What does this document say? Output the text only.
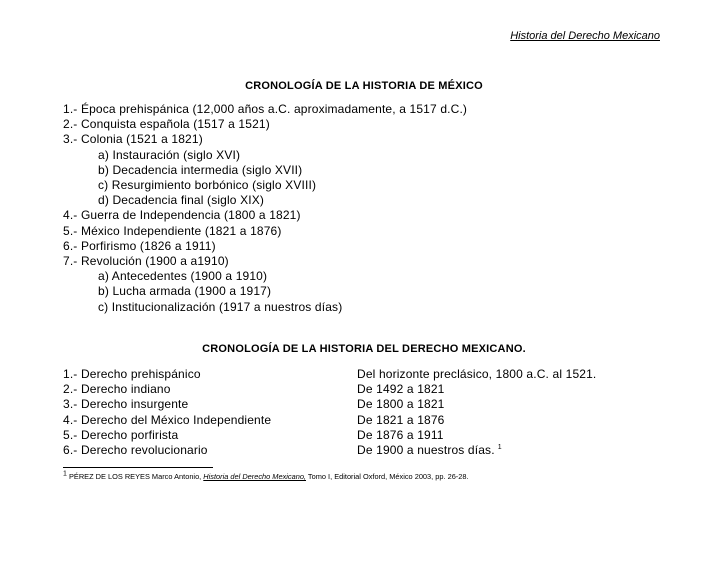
Historia del Derecho Mexicano
CRONOLOGÍA DE LA HISTORIA DE MÉXICO
1.- Época prehispánica (12,000 años a.C. aproximadamente, a 1517 d.C.)
2.- Conquista española (1517 a 1521)
3.- Colonia (1521 a 1821)
a) Instauración (siglo XVI)
b) Decadencia intermedia (siglo XVII)
c) Resurgimiento borbónico (siglo XVIII)
d) Decadencia final (siglo XIX)
4.- Guerra de Independencia (1800 a 1821)
5.- México Independiente (1821 a 1876)
6.- Porfirismo (1826 a 1911)
7.- Revolución (1900 a a1910)
a) Antecedentes (1900 a 1910)
b) Lucha armada (1900 a 1917)
c) Institucionalización (1917 a nuestros días)
CRONOLOGÍA DE LA HISTORIA DEL DERECHO MEXICANO.
1.- Derecho prehispánico	Del horizonte preclásico, 1800 a.C. al 1521.
2.- Derecho indiano	De 1492 a 1821
3.- Derecho insurgente	De 1800 a 1821
4.- Derecho del México Independiente	De 1821 a 1876
5.- Derecho porfirista	De 1876 a 1911
6.- Derecho revolucionario	De 1900 a nuestros días. $^1$
$^1$ PÉREZ DE LOS REYES Marco Antonio, Historia del Derecho Mexicano, Tomo I, Editorial Oxford, México 2003, pp. 26-28.
